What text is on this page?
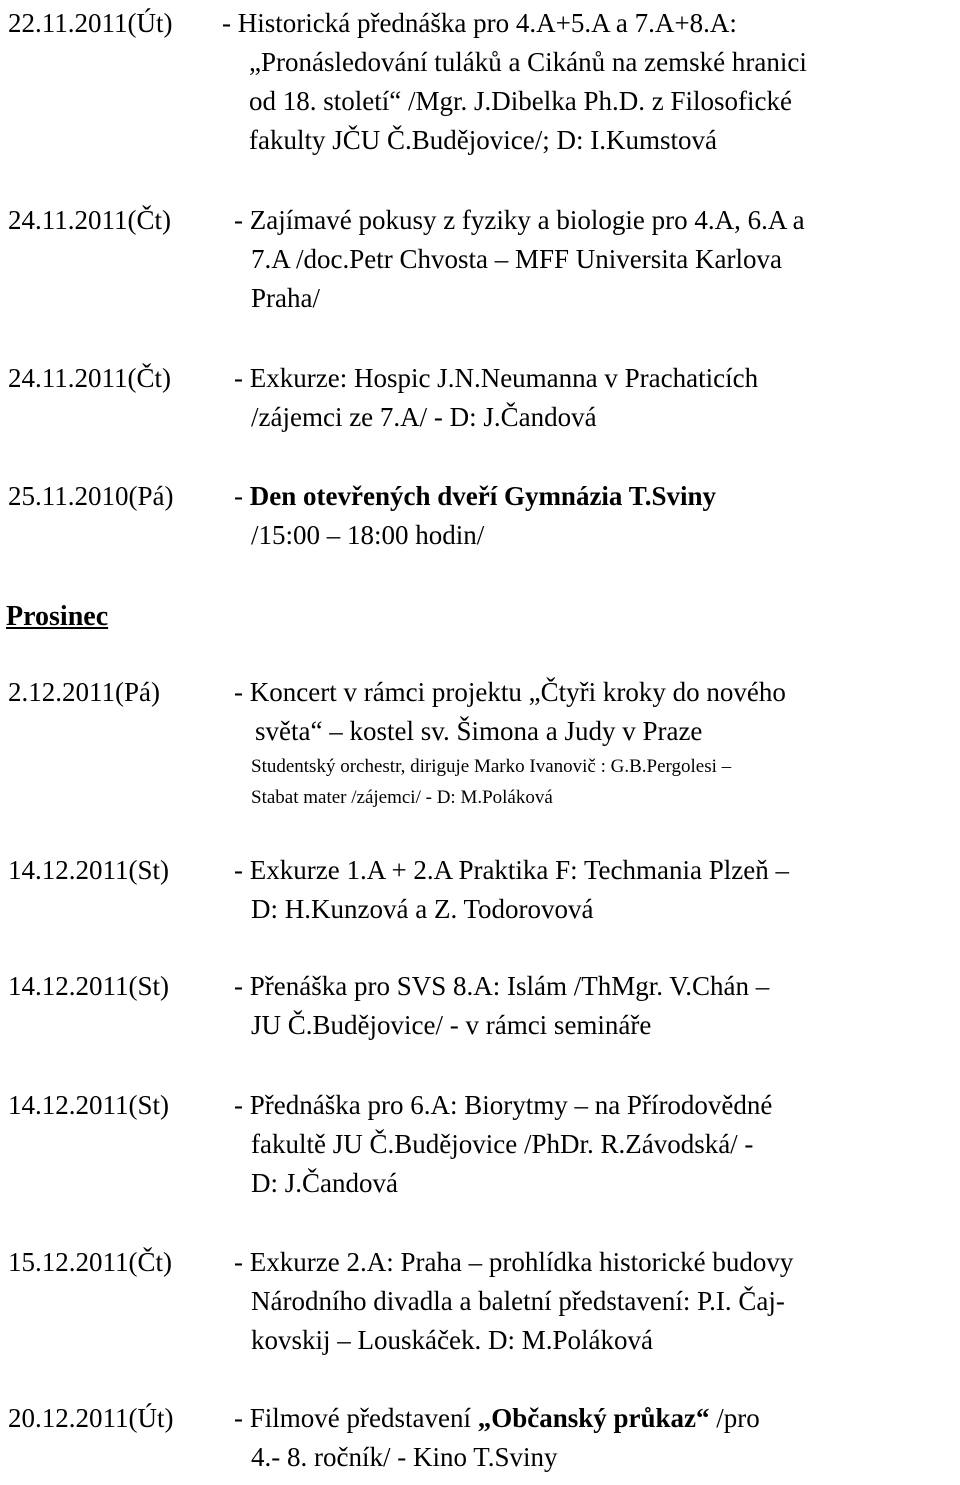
22.11.2011(Út) - Historická přednáška pro 4.A+5.A a 7.A+8.A:
„Pronásledování tuláků a Cikánů na zemské hranici
od 18. století“ /Mgr. J.Dibelka Ph.D. z Filosofické
fakulty JČU Č.Budějovice/; D: I.Kumstová
24.11.2011(Čt) - Zajímavé pokusy z fyziky a biologie pro 4.A, 6.A a
7.A /doc.Petr Chvosta – MFF Universita Karlova
Praha/
24.11.2011(Čt) - Exkurze: Hospic J.N.Neumanna v Prachaticích
/zájemci ze 7.A/ - D: J.Čandová
25.11.2010(Pá) - Den otevřených dveří Gymnázia T.Sviny
/15:00 – 18:00 hodin/
Prosinec
2.12.2011(Pá)	- Koncert v rámci projektu „Čtyři kroky do nového
světa“ – kostel sv. Šimona a Judy v Praze
Studentský orchestr, diriguje Marko Ivanovič : G.B.Pergolesi –
Stabat mater /zájemci/ - D: M.Poláková
14.12.2011(St) - Exkurze 1.A + 2.A Praktika F: Techmania Plzeň –
D: H.Kunzová a Z. Todorovová
14.12.2011(St) - Přenáška pro SVS 8.A: Islám /ThMgr. V.Chán –
JU Č.Budějovice/ - v rámci semináře
14.12.2011(St) - Přednáška pro 6.A: Biorytmy – na Přírodovědné
fakultě JU Č.Budějovice /PhDr. R.Závodská/ -
D: J.Čandová
15.12.2011(Čt) - Exkurze 2.A: Praha – prohlídka historické budovy
Národního divadla a baletní představení: P.I. Čaj-
kovskij – Louskáček. D: M.Poláková
20.12.2011(Út) - Filmové představení „Občanský průkaz“ /pro
4.- 8. ročník/ - Kino T.Sviny
